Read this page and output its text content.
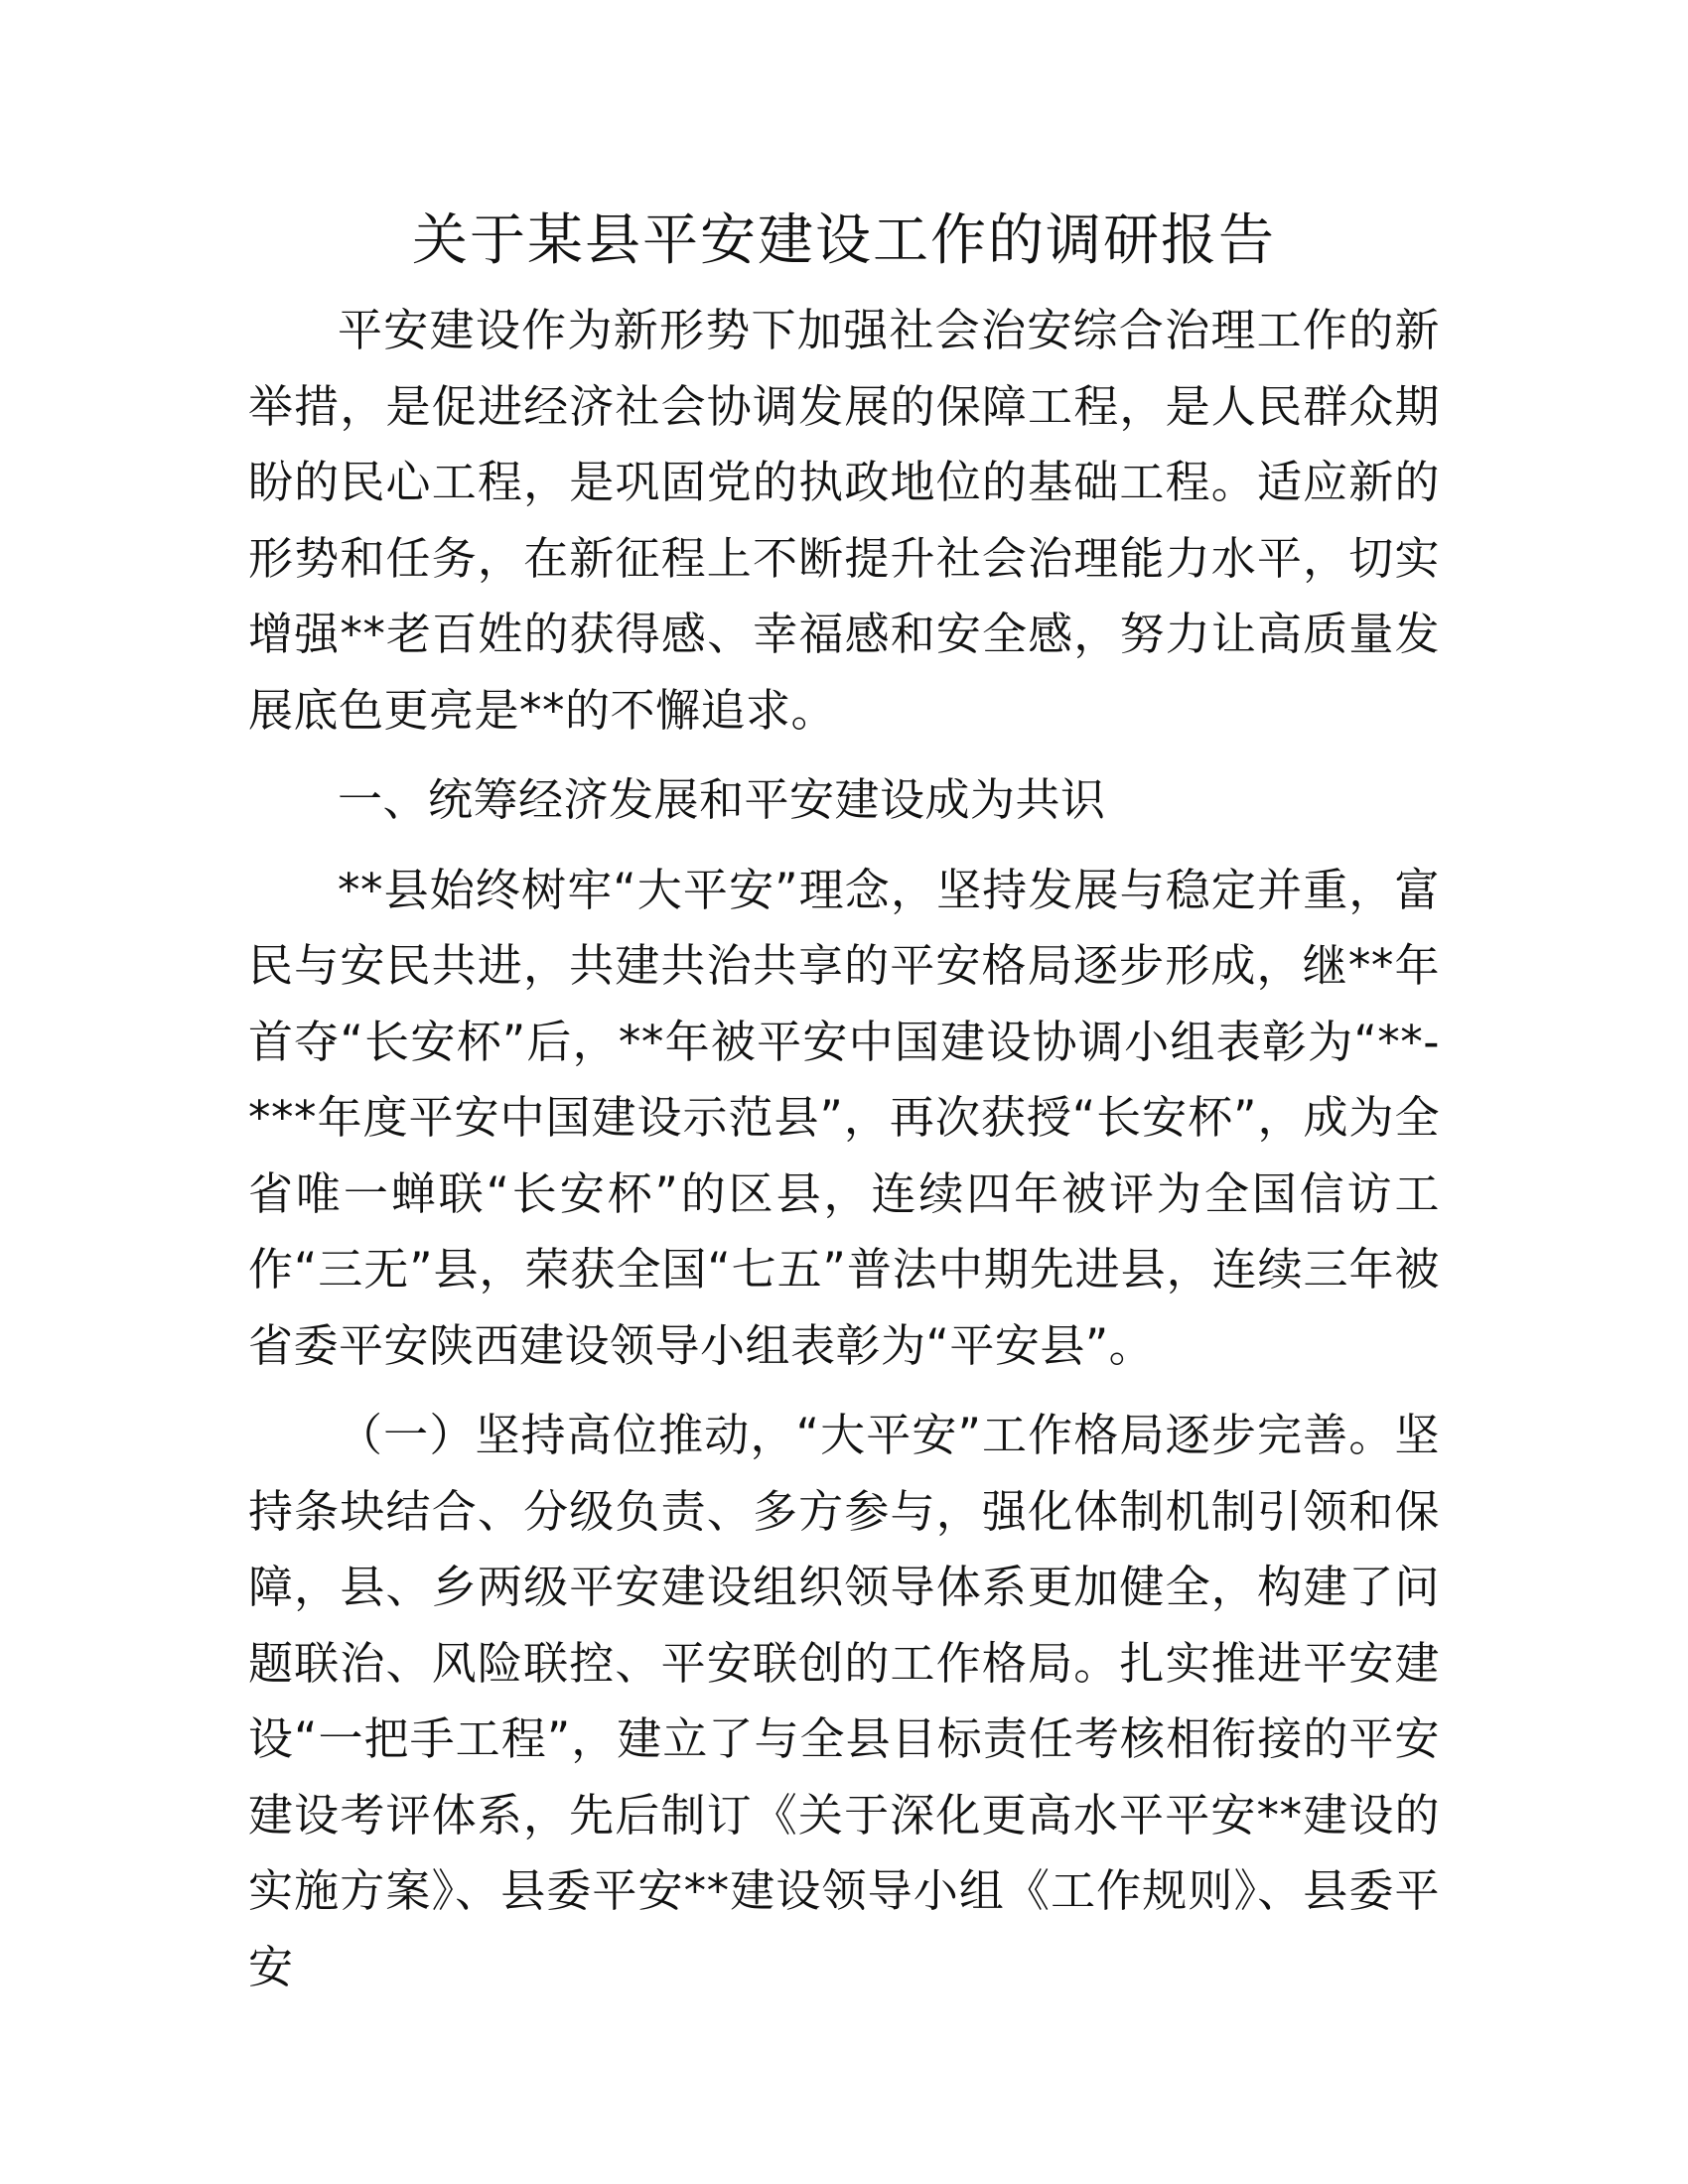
关于某县平安建设工作的调研报告

平安建设作为新形势下加强社会治安综合治理工作的新举措，是促进经济社会协调发展的保障工程，是人民群众期盼的民心工程，是巩固党的执政地位的基础工程。适应新的形势和任务，在新征程上不断提升社会治理能力水平，切实增强**老百姓的获得感、幸福感和安全感，努力让高质量发展底色更亮是**的不懈追求。

一、统筹经济发展和平安建设成为共识

**县始终树牢“大平安”理念，坚持发展与稳定并重，富民与安民共进，共建共治共享的平安格局逐步形成，继**年首夺“长安杯”后，**年被平安中国建设协调小组表彰为“**-***年度平安中国建设示范县”，再次获授“长安杯”，成为全省唯一蝉联“长安杯”的区县，连续四年被评为全国信访工作“三无”县，荣获全国“七五”普法中期先进县，连续三年被省委平安陕西建设领导小组表彰为“平安县”。

（一）坚持高位推动，“大平安”工作格局逐步完善。坚持条块结合、分级负责、多方参与，强化体制机制引领和保障，县、乡两级平安建设组织领导体系更加健全，构建了问题联治、风险联控、平安联创的工作格局。扎实推进平安建设“一把手工程”，建立了与全县目标责任考核相衔接的平安建设考评体系，先后制订《关于深化更高水平平安**建设的实施方案》、县委平安**建设领导小组《工作规则》、县委平安
